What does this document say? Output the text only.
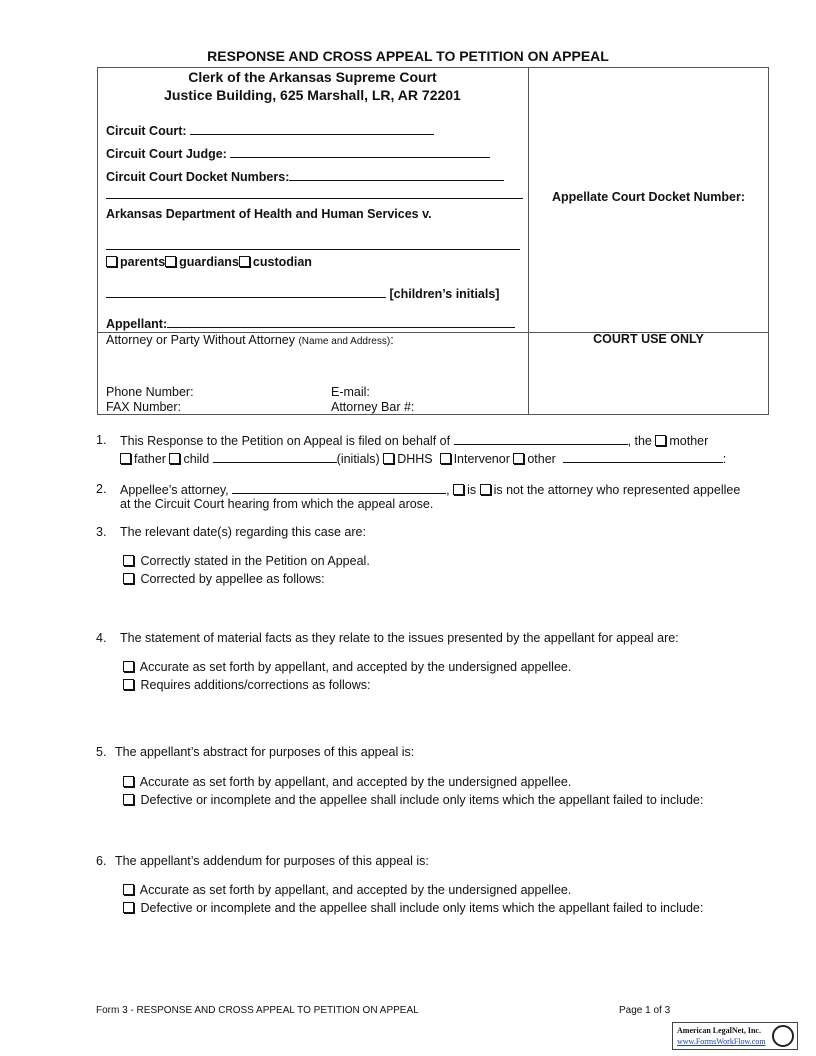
RESPONSE AND CROSS APPEAL TO PETITION ON APPEAL
Clerk of the Arkansas Supreme Court
Justice Building, 625 Marshall, LR, AR 72201
Circuit Court:
Circuit Court Judge:
Circuit Court Docket Numbers:
Arkansas Department of Health and Human Services v.
parents guardians custodian
[children’s initials]
Appellant:
Appellate Court Docket Number:
COURT USE ONLY
Attorney or Party Without Attorney (Name and Address):
Phone Number:	E-mail:
FAX Number:	Attorney Bar #:
1. This Response to the Petition on Appeal is filed on behalf of	, the mother
father child	(initials) DHHS Intervenor other	:
2. Appellee’s attorney,	, is is not the attorney who represented appellee
at the Circuit Court hearing from which the appeal arose.
3. The relevant date(s) regarding this case are:
Correctly stated in the Petition on Appeal.
Corrected by appellee as follows:
4. The statement of material facts as they relate to the issues presented by the appellant for appeal are:
Accurate as set forth by appellant, and accepted by the undersigned appellee.
Requires additions/corrections as follows:
5. The appellant’s abstract for purposes of this appeal is:
Accurate as set forth by appellant, and accepted by the undersigned appellee.
Defective or incomplete and the appellee shall include only items which the appellant failed to include:
6. The appellant’s addendum for purposes of this appeal is:
Accurate as set forth by appellant, and accepted by the undersigned appellee.
Defective or incomplete and the appellee shall include only items which the appellant failed to include:
Form 3 - RESPONSE AND CROSS APPEAL TO PETITION ON APPEAL	Page 1 of 3
American LegalNet, Inc.
www.FormsWorkFlow.com
